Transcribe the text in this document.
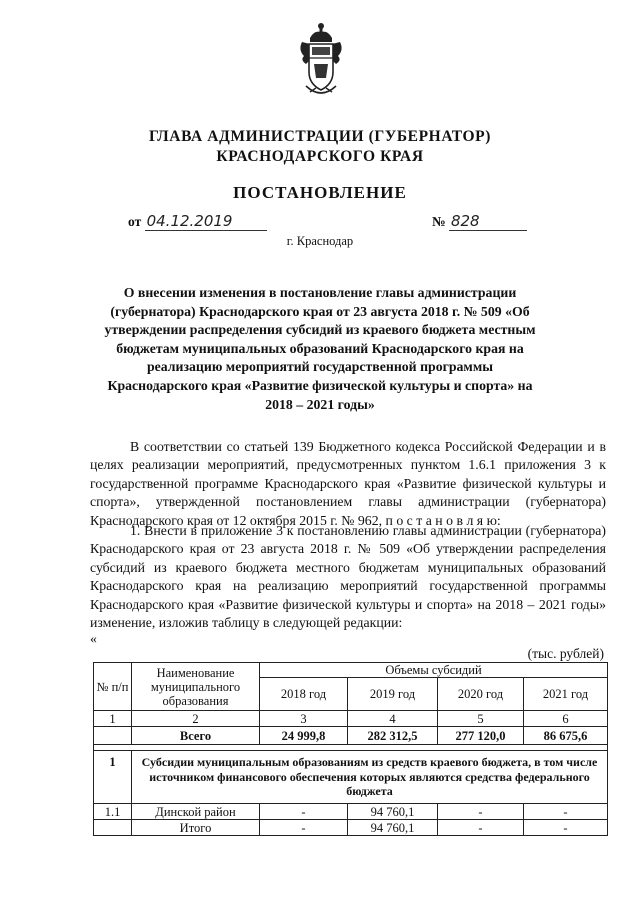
ГЛАВА АДМИНИСТРАЦИИ (ГУБЕРНАТОР)
КРАСНОДАРСКОГО КРАЯ
ПОСТАНОВЛЕНИЕ
от 04.12.2019	№ 828
г. Краснодар
О внесении изменения в постановление главы администрации (губернатора) Краснодарского края от 23 августа 2018 г. № 509 «Об утверждении распределения субсидий из краевого бюджета местным бюджетам муниципальных образований Краснодарского края на реализацию мероприятий государственной программы Краснодарского края «Развитие физической культуры и спорта» на 2018 – 2021 годы»
В соответствии со статьей 139 Бюджетного кодекса Российской Федерации и в целях реализации мероприятий, предусмотренных пунктом 1.6.1 приложения 3 к государственной программе Краснодарского края «Развитие физической культуры и спорта», утвержденной постановлением главы администрации (губернатора) Краснодарского края от 12 октября 2015 г. № 962, п о с т а н о в л я ю:
1. Внести в приложение 3 к постановлению главы администрации (губернатора) Краснодарского края от 23 августа 2018 г. № 509 «Об утверждении распределения субсидий из краевого бюджета местного бюджетам муниципальных образований Краснодарского края на реализацию мероприятий государственной программы Краснодарского края «Развитие физической культуры и спорта» на 2018 – 2021 годы» изменение, изложив таблицу в следующей редакции:
«
(тыс. рублей)
№ п/п	Наименование муниципального образования	Объемы субсидий			
		2018 год	2019 год	2020 год	2021 год
1	2	3	4	5	6
	Всего	24 999,8	282 312,5	277 120,0	86 675,6

1	Субсидии муниципальным образованиям из средств краевого бюджета, в том числе источником финансового обеспечения которых являются средства федерального бюджета				
1.1	Динской район	-	94 760,1	-	-
	Итого	-	94 760,1	-	-
